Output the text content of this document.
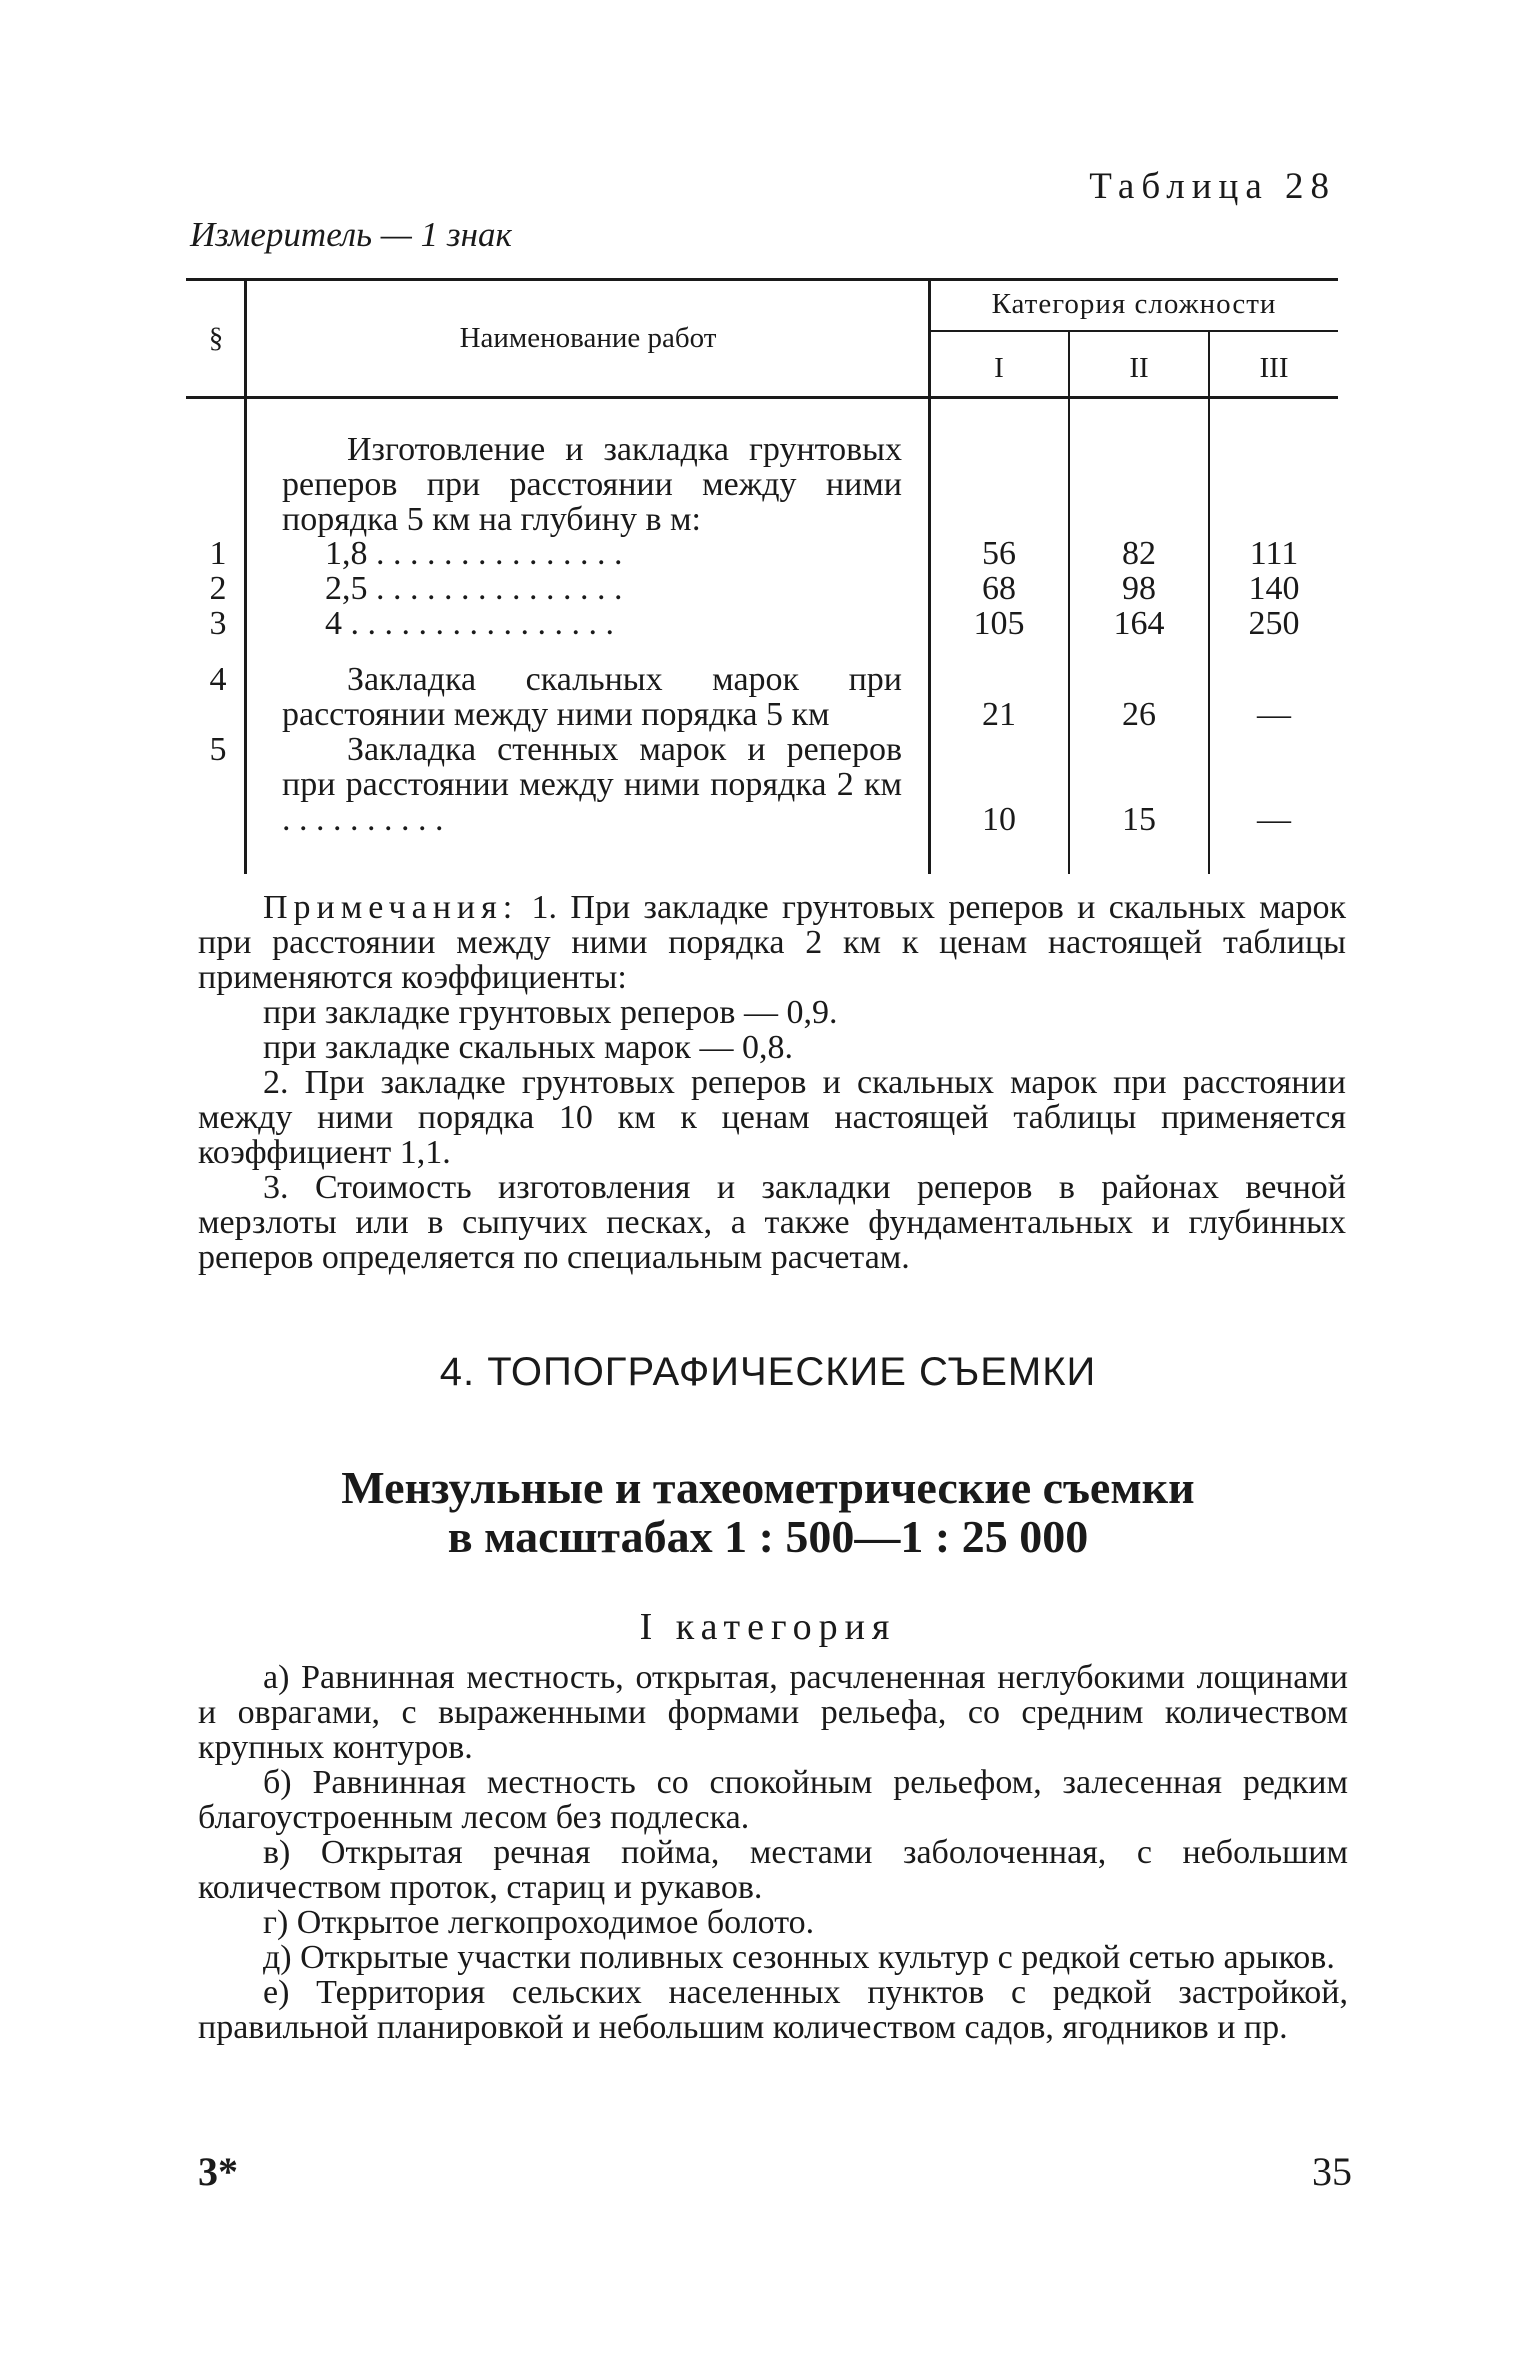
Таблица 28
Измеритель — 1 знак
§	Наименование работ
Категория сложности
I	II	III
Изготовление и закладка грунтовых реперов при расстоянии между ними порядка 5 км на глубину в м:
1	1,8 . . . . . . . . . . . . . . .	56	82	111
2	2,5 . . . . . . . . . . . . . . .	68	98	140
3	4 . . . . . . . . . . . . . . . .	105	164	250
4	Закладка скальных марок при расстоянии между ними порядка 5 км	21	26	—
5	Закладка стенных марок и реперов при расстоянии между ними порядка 2 км . . . . . . . . . .	10	15	—

Примечания: 1. При закладке грунтовых реперов и скальных марок при расстоянии между ними порядка 2 км к ценам настоящей таблицы применяются коэффициенты:

при закладке грунтовых реперов — 0,9.

при закладке скальных марок — 0,8.

2. При закладке грунтовых реперов и скальных марок при расстоянии между ними порядка 10 км к ценам настоящей таблицы применяется коэффициент 1,1.

3. Стоимость изготовления и закладки реперов в районах вечной мерзлоты или в сыпучих песках, а также фундаментальных и глубинных реперов определяется по специальным расчетам.

4. ТОПОГРАФИЧЕСКИЕ СЪЕМКИ
Мензульные и тахеометрические съемки
в масштабах 1 : 500—1 : 25 000
I категория

а) Равнинная местность, открытая, расчлененная неглубокими лощинами и оврагами, с выраженными формами рельефа, со средним количеством крупных контуров.

б) Равнинная местность со спокойным рельефом, залесенная редким благоустроенным лесом без подлеска.

в) Открытая речная пойма, местами заболоченная, с небольшим количеством проток, стариц и рукавов.

г) Открытое легкопроходимое болото.

д) Открытые участки поливных сезонных культур с редкой сетью арыков.

е) Территория сельских населенных пунктов с редкой застройкой, правильной планировкой и небольшим количеством садов, ягодников и пр.

3*	35
